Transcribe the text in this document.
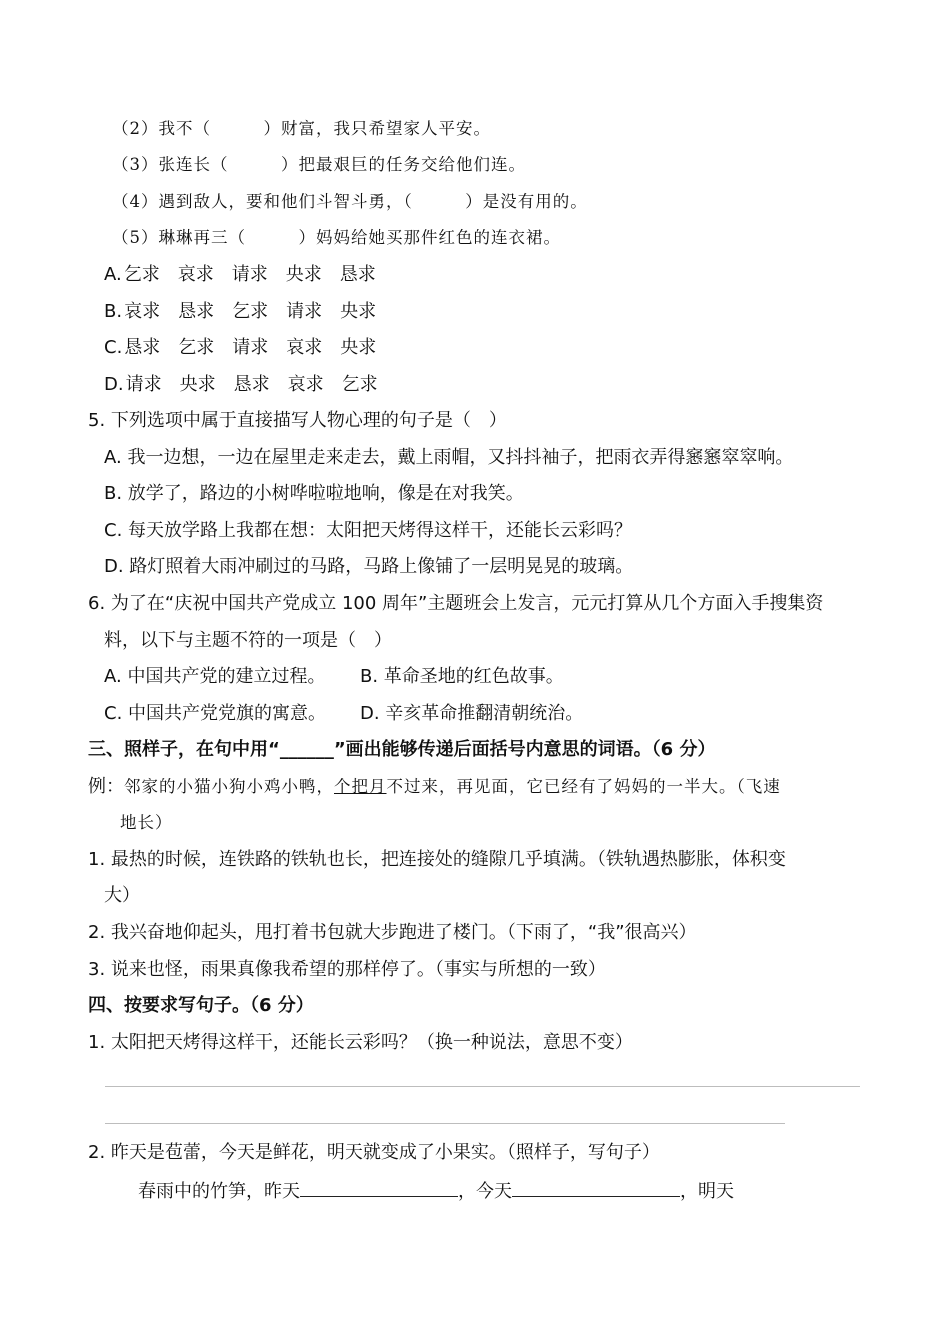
（2）我不（　　　）财富，我只希望家人平安。
（3）张连长（　　　）把最艰巨的任务交给他们连。
（4）遇到敌人，要和他们斗智斗勇，（　　　）是没有用的。
（5）琳琳再三（　　　）妈妈给她买那件红色的连衣裙。
A. 乞求 哀求 请求 央求 恳求
B. 哀求 恳求 乞求 请求 央求
C. 恳求 乞求 请求 哀求 央求
D. 请求 央求 恳求 哀求 乞求
5. 下列选项中属于直接描写人物心理的句子是（　）
A. 我一边想，一边在屋里走来走去，戴上雨帽，又抖抖袖子，把雨衣弄得窸窸窣窣响。
B. 放学了，路边的小树哗啦啦地响，像是在对我笑。
C. 每天放学路上我都在想：太阳把天烤得这样干，还能长云彩吗？
D. 路灯照着大雨冲刷过的马路，马路上像铺了一层明晃晃的玻璃。
6. 为了在“庆祝中国共产党成立 100 周年”主题班会上发言，元元打算从几个方面入手搜集资
料，以下与主题不符的一项是（　）
A. 中国共产党的建立过程。 B. 革命圣地的红色故事。
C. 中国共产党党旗的寓意。 D. 辛亥革命推翻清朝统治。
三、照样子，在句中用“______”画出能够传递后面括号内意思的词语。（6 分）
例：邻家的小猫小狗小鸡小鸭，个把月不过来，再见面，它已经有了妈妈的一半大。（飞速
地长）
1. 最热的时候，连铁路的铁轨也长，把连接处的缝隙几乎填满。（铁轨遇热膨胀，体积变
大）
2. 我兴奋地仰起头，甩打着书包就大步跑进了楼门。（下雨了，“我”很高兴）
3. 说来也怪，雨果真像我希望的那样停了。（事实与所想的一致）
四、按要求写句子。（6 分）
1. 太阳把天烤得这样干，还能长云彩吗？（换一种说法，意思不变）
2. 昨天是苞蕾，今天是鲜花，明天就变成了小果实。（照样子，写句子）
春雨中的竹笋，昨天	，今天	，明天
